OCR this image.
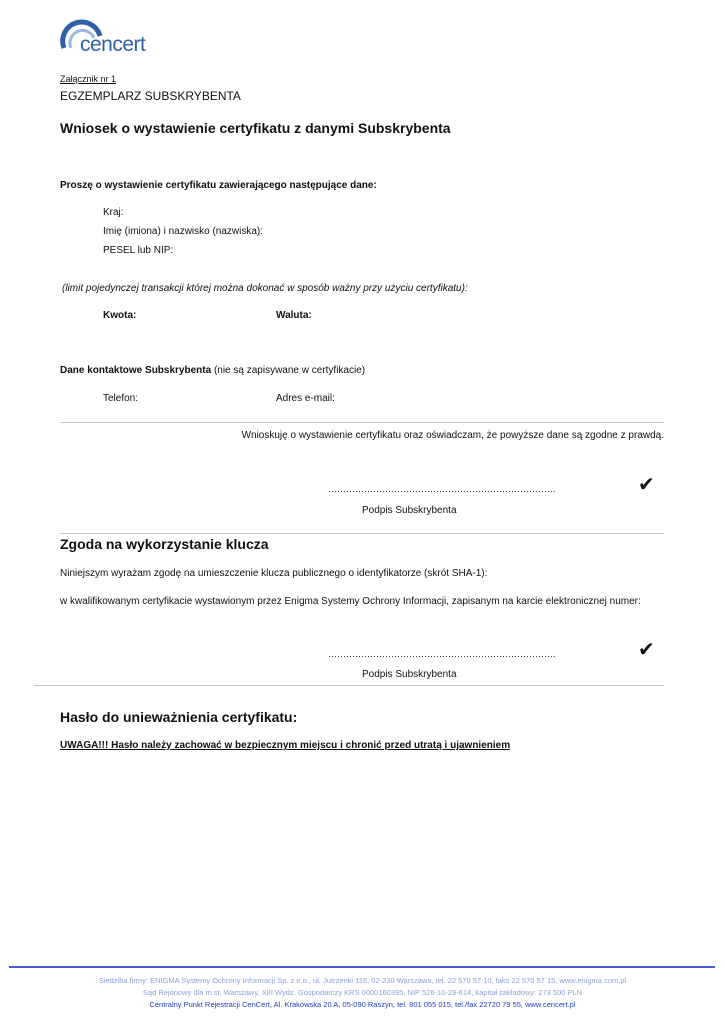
cencert
Załącznik nr 1
EGZEMPLARZ SUBSKRYBENTA
Wniosek o wystawienie certyfikatu z danymi Subskrybenta
Proszę o wystawienie certyfikatu zawierającego następujące dane:
Kraj:
Imię (imiona) i nazwisko (nazwiska):
PESEL lub NIP:
(limit pojedynczej transakcji której można dokonać w sposób ważny przy użyciu certyfikatu):
Kwota:	Waluta:
Dane kontaktowe Subskrybenta (nie są zapisywane w certyfikacie)
Telefon:	Adres e-mail:
Wnioskuję o wystawienie certyfikatu oraz oświadczam, że powyższe dane są zgodne z prawdą.
………………………………………………………………….	✔
Podpis Subskrybenta
Zgoda na wykorzystanie klucza
Niniejszym wyrażam zgodę na umieszczenie klucza publicznego o identyfikatorze (skrót SHA-1):
w kwalifikowanym certyfikacie wystawionym przez Enigma Systemy Ochrony Informacji, zapisanym na karcie elektronicznej numer:
………………………………………………………………….	✔
Podpis Subskrybenta
Hasło do unieważnienia certyfikatu:
UWAGA!!! Hasło należy zachować w bezpiecznym miejscu i chronić przed utratą i ujawnieniem
Siedziba firmy: ENIGMA Systemy Ochrony Informacji Sp. z o.o., ul. Jutrzenki 116, 02-230 Warszawa, tel. 22 570 57 10, faks 22 570 57 15, www.enigma.com.pl
Sąd Rejonowy dla m.st. Warszawy, XIII Wydz. Gospodarczy KRS 0000160395, NIP 526-10-29-614, kapitał zakładowy: 273 500 PLN
Centralny Punkt Rejestracji CenCert, Al. Krakowska 20 A, 05-090 Raszyn, tel. 801 055 015, tel./fax 22720 79 55, www.cencert.pl
